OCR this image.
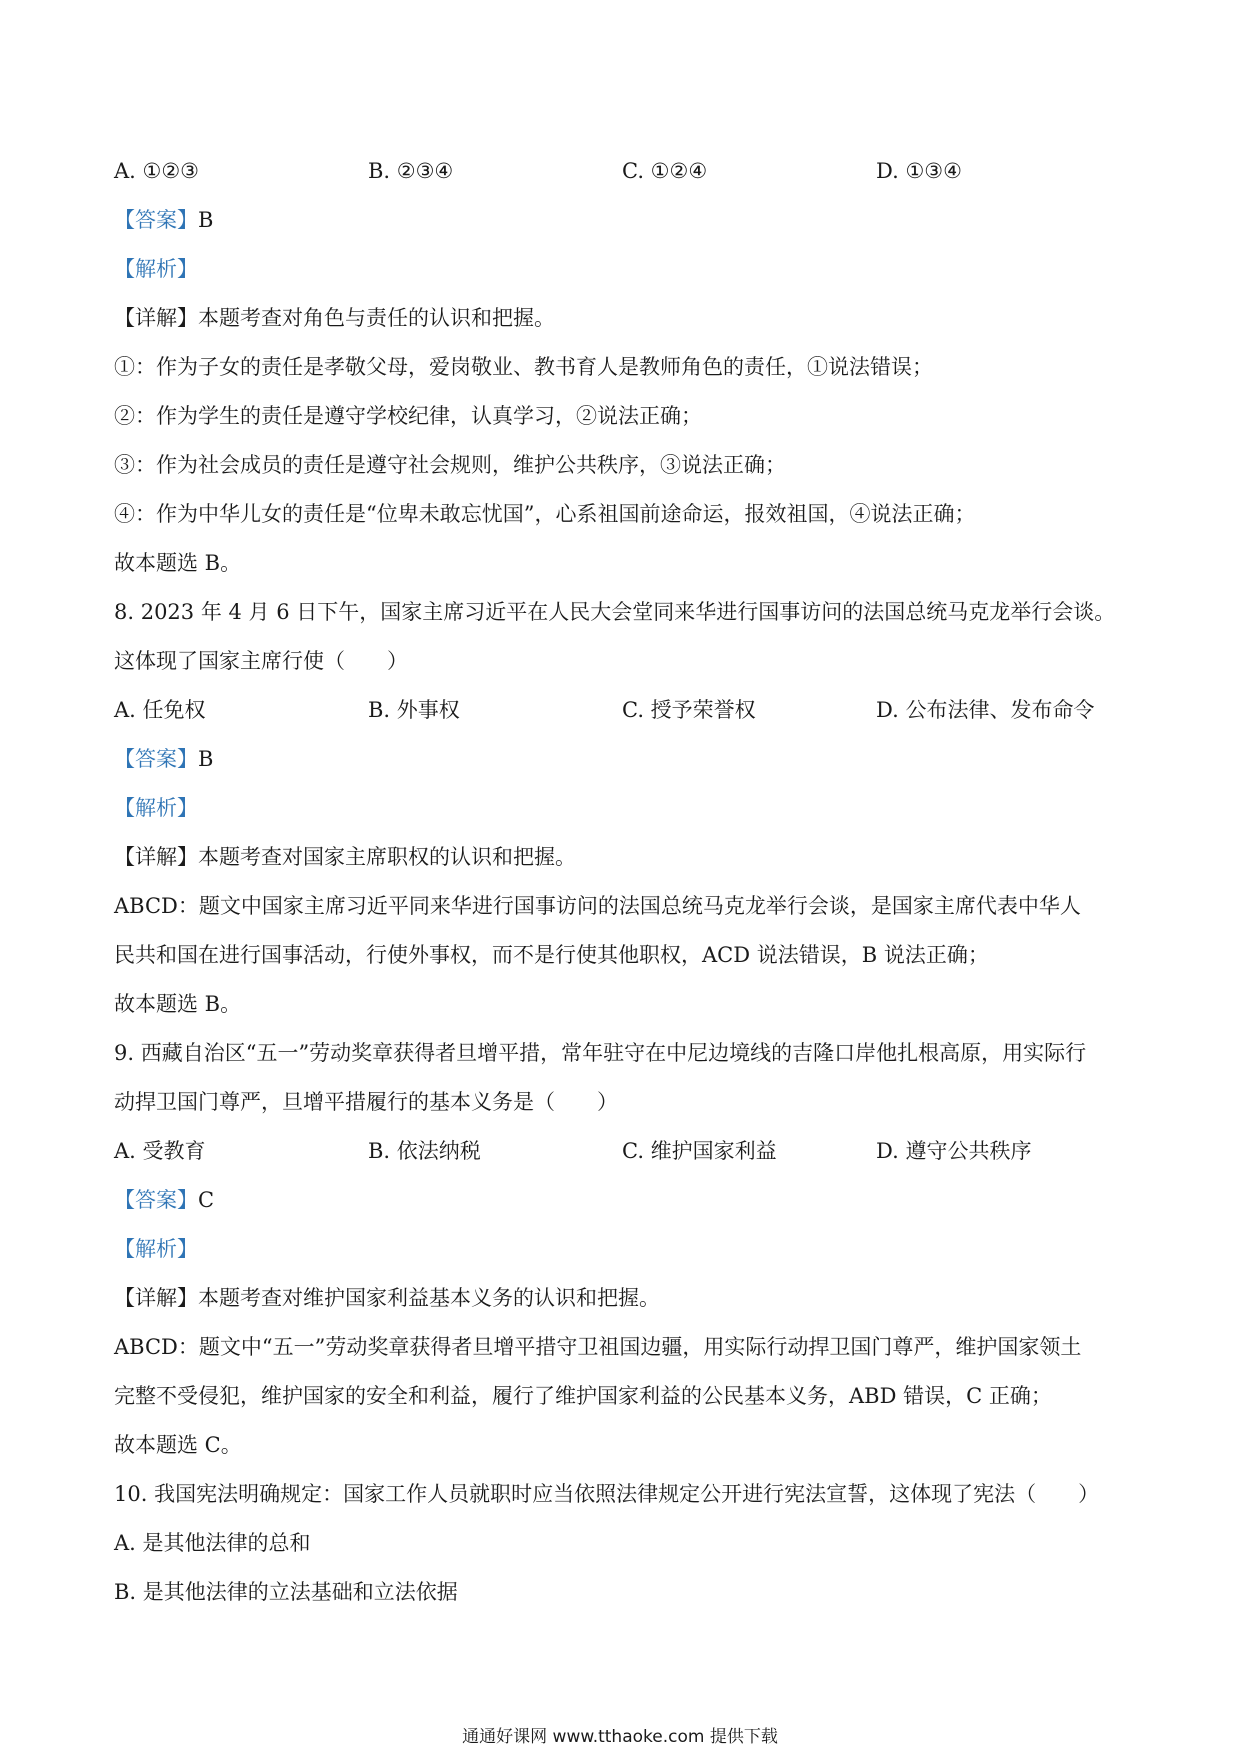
A. ①②③	B. ②③④	C. ①②④	D. ①③④
【答案】B
【解析】
【详解】本题考查对角色与责任的认识和把握。
①：作为子女的责任是孝敬父母，爱岗敬业、教书育人是教师角色的责任，①说法错误；
②：作为学生的责任是遵守学校纪律，认真学习，②说法正确；
③：作为社会成员的责任是遵守社会规则，维护公共秩序，③说法正确；
④：作为中华儿女的责任是“位卑未敢忘忧国”，心系祖国前途命运，报效祖国，④说法正确；
故本题选 B。
8. 2023 年 4 月 6 日下午，国家主席习近平在人民大会堂同来华进行国事访问的法国总统马克龙举行会谈。
这体现了国家主席行使（　　）
A. 任免权	B. 外事权	C. 授予荣誉权	D. 公布法律、发布命令
【答案】B
【解析】
【详解】本题考查对国家主席职权的认识和把握。
ABCD：题文中国家主席习近平同来华进行国事访问的法国总统马克龙举行会谈，是国家主席代表中华人
民共和国在进行国事活动，行使外事权，而不是行使其他职权，ACD 说法错误，B 说法正确；
故本题选 B。
9. 西藏自治区“五一”劳动奖章获得者旦增平措，常年驻守在中尼边境线的吉隆口岸他扎根高原，用实际行
动捍卫国门尊严，旦增平措履行的基本义务是（　　）
A. 受教育	B. 依法纳税	C. 维护国家利益	D. 遵守公共秩序
【答案】C
【解析】
【详解】本题考查对维护国家利益基本义务的认识和把握。
ABCD：题文中“五一”劳动奖章获得者旦增平措守卫祖国边疆，用实际行动捍卫国门尊严，维护国家领土
完整不受侵犯，维护国家的安全和利益，履行了维护国家利益的公民基本义务，ABD 错误，C 正确；
故本题选 C。
10. 我国宪法明确规定：国家工作人员就职时应当依照法律规定公开进行宪法宣誓，这体现了宪法（　　）
A. 是其他法律的总和
B. 是其他法律的立法基础和立法依据
通通好课网 www.tthaoke.com 提供下载
